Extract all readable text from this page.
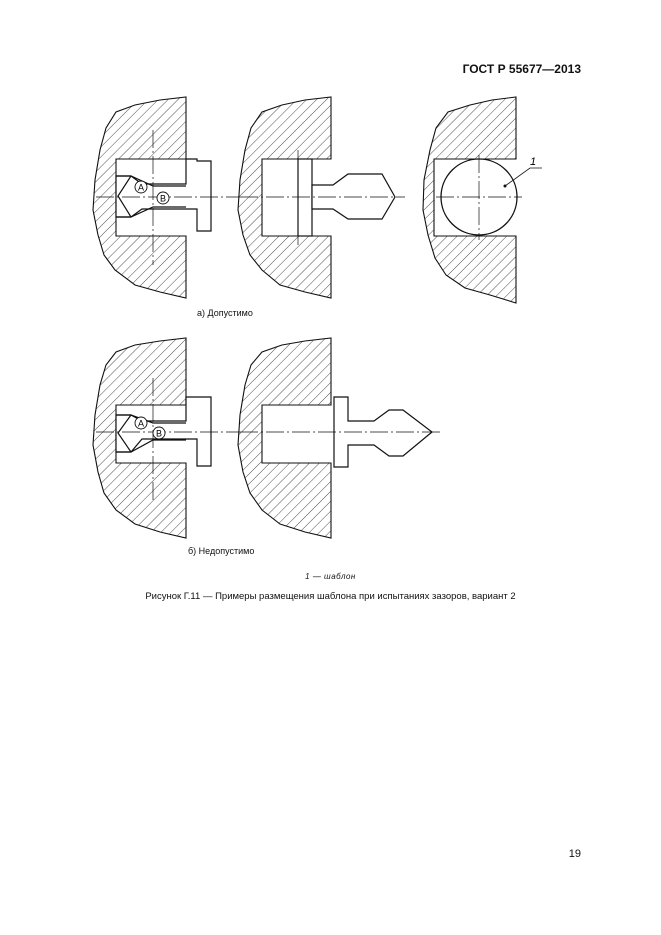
ГОСТ Р 55677—2013
A
B
1
A
B
а) Допустимо
б) Недопустимо
1 — шаблон
Рисунок Г.11 — Примеры размещения шаблона при испытаниях зазоров, вариант 2
19
